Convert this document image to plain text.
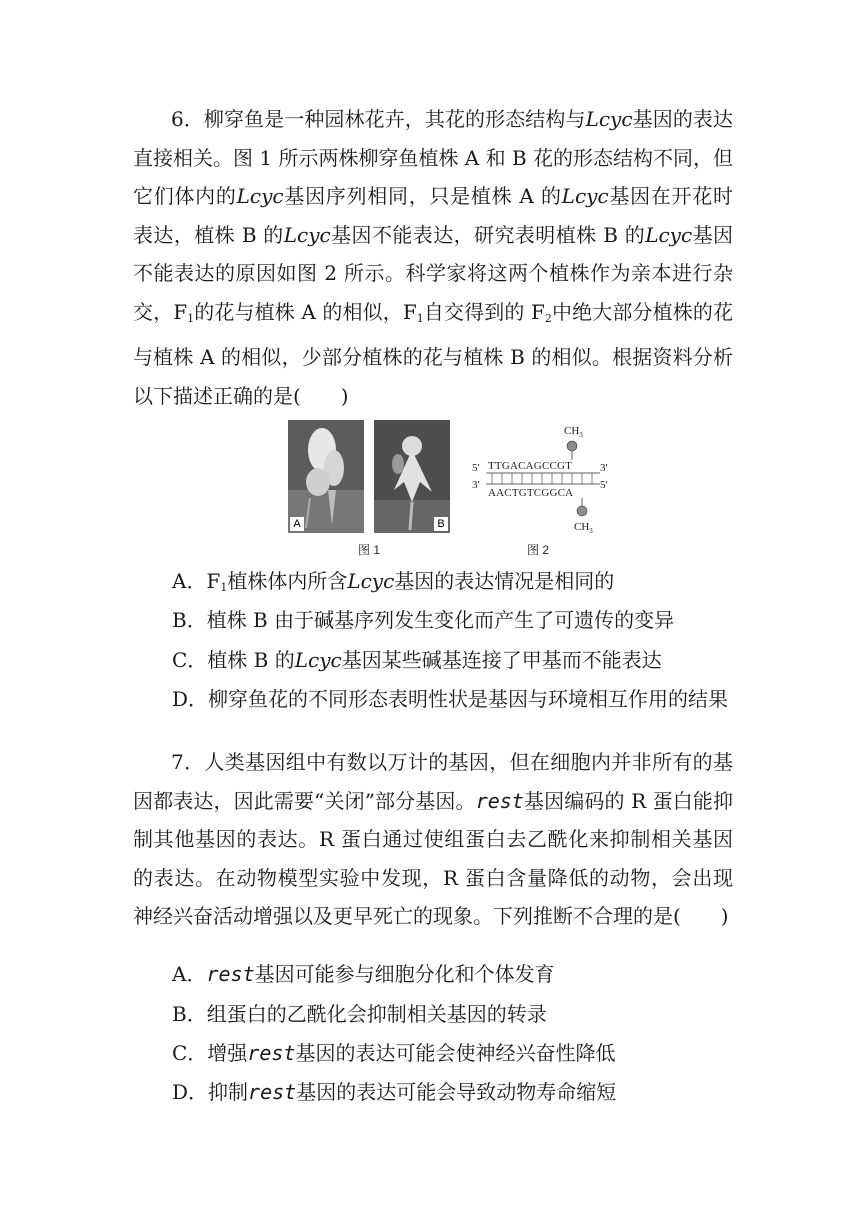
6．柳穿鱼是一种园林花卉，其花的形态结构与Lcyc基因的表达直接相关。图 1 所示两株柳穿鱼植株 A 和 B 花的形态结构不同，但它们体内的Lcyc基因序列相同，只是植株 A 的Lcyc基因在开花时表达，植株 B 的Lcyc基因不能表达，研究表明植株 B 的Lcyc基因不能表达的原因如图 2 所示。科学家将这两个植株作为亲本进行杂交，$F_1$的花与植株 A 的相似，$F_1$自交得到的 $F_2$中绝大部分植株的花与植株 A 的相似，少部分植株的花与植株 B 的相似。根据资料分析以下描述正确的是(　　)
A	B
图 1
$CH_3$
5′ TTGACAGCCGT	3′
3′
AACTGTCGGCA
5′
$CH_3$
图 2
A．$F_1$植株体内所含Lcyc基因的表达情况是相同的
B．植株 B 由于碱基序列发生变化而产生了可遗传的变异
C．植株 B 的Lcyc基因某些碱基连接了甲基而不能表达
D．柳穿鱼花的不同形态表明性状是基因与环境相互作用的结果
7．人类基因组中有数以万计的基因，但在细胞内并非所有的基因都表达，因此需要“关闭”部分基因。rest基因编码的 R 蛋白能抑制其他基因的表达。R 蛋白通过使组蛋白去乙酰化来抑制相关基因的表达。在动物模型实验中发现，R 蛋白含量降低的动物，会出现神经兴奋活动增强以及更早死亡的现象。下列推断不合理的是(　　)
A．rest基因可能参与细胞分化和个体发育
B．组蛋白的乙酰化会抑制相关基因的转录
C．增强rest基因的表达可能会使神经兴奋性降低
D．抑制rest基因的表达可能会导致动物寿命缩短
